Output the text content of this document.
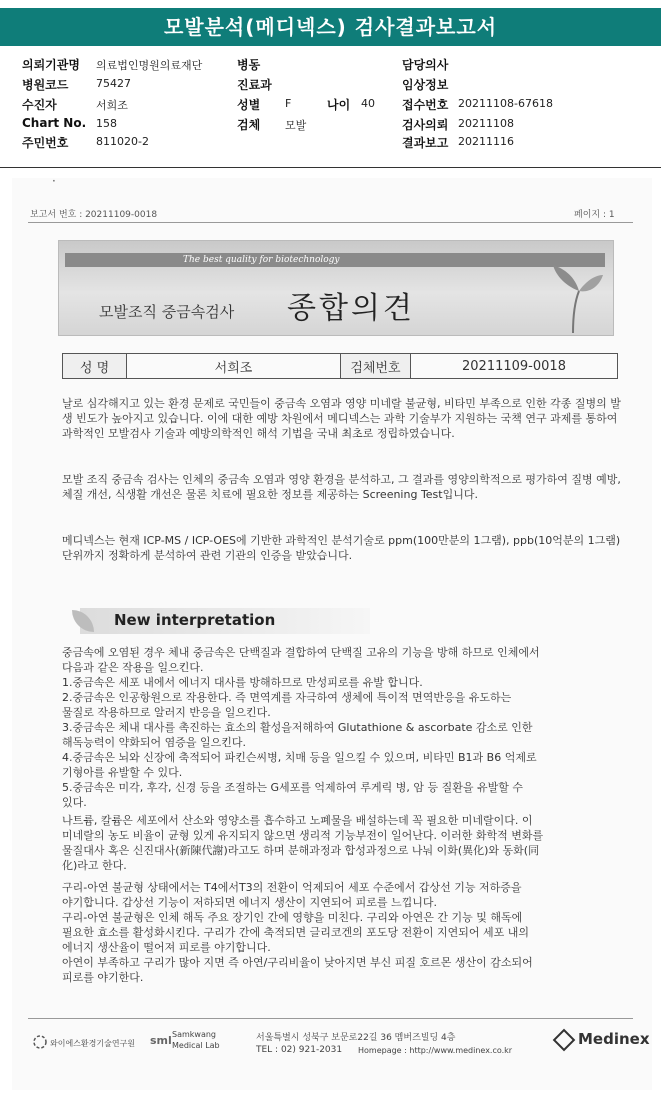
모발분석(메디넥스) 검사결과보고서
의뢰기관명 의료법인명원의료재단	병동	담당의사
병원코드	75427	진료과	임상정보
수진자	서희조	성별 F	나이 40 접수번호 20211108-67618
Chart No. 158	검체 모발	검사의뢰 20211108
주민번호	811020-2	결과보고 20211116
·
보고서 번호 : 20211109-0018	페이지 : 1
The best quality for biotechnology
모발조직 중금속검사 종합의견
성 명	서희조	검체번호	20211109-0018
날로 심각해지고 있는 환경 문제로 국민들이 중금속 오염과 영양 미네랄 불균형, 비타민 부족으로 인한 각종 질병의 발생 빈도가 높아지고 있습니다. 이에 대한 예방 차원에서 메디넥스는 과학 기술부가 지원하는 국책 연구 과제를 통하여 과학적인 모발검사 기술과 예방의학적인 해석 기법을 국내 최초로 정립하였습니다.
모발 조직 중금속 검사는 인체의 중금속 오염과 영양 환경을 분석하고, 그 결과를 영양의학적으로 평가하여 질병 예방, 체질 개선, 식생활 개선은 물론 치료에 필요한 정보를 제공하는 Screening Test입니다.
메디넥스는 현재 ICP-MS / ICP-OES에 기반한 과학적인 분석기술로 ppm(100만분의 1그램), ppb(10억분의 1그램) 단위까지 정확하게 분석하여 관련 기관의 인증을 받았습니다.
New interpretation
중금속에 오염된 경우 체내 중금속은 단백질과 결합하여 단백질 고유의 기능을 방해 하므로 인체에서
다음과 같은 작용을 일으킨다.
1.중금속은 세포 내에서 에너지 대사를 방해하므로 만성피로를 유발 합니다.
2.중금속은 인공항원으로 작용한다. 즉 면역계를 자극하여 생체에 특이적 면역반응을 유도하는
물질로 작용하므로 알러지 반응을 일으킨다.
3.중금속은 체내 대사를 촉진하는 효소의 활성을저해하여 Glutathione & ascorbate 감소로 인한
해독능력이 약화되어 염증을 일으킨다.
4.중금속은 뇌와 신장에 축적되어 파킨슨씨병, 치매 등을 일으킬 수 있으며, 비타민 B1과 B6 억제로
기형아를 유발할 수 있다.
5.중금속은 미각, 후각, 신경 등을 조절하는 G세포를 억제하여 루게릭 병, 암 등 질환을 유발할 수
있다.
나트륨, 칼륨은 세포에서 산소와 영양소를 흡수하고 노폐물을 배설하는데 꼭 필요한 미네랄이다. 이
미네랄의 농도 비율이 균형 있게 유지되지 않으면 생리적 기능부전이 일어난다. 이러한 화학적 변화를
물질대사 혹은 신진대사(新陳代謝)라고도 하며 분해과정과 합성과정으로 나눠 이화(異化)와 동화(同
化)라고 한다.
구리-아연 불균형 상태에서는 T4에서T3의 전환이 억제되어 세포 수준에서 갑상선 기능 저하증을
야기합니다. 갑상선 기능이 저하되면 에너지 생산이 지연되어 피로를 느낍니다.
구리-아연 불균형은 인체 해독 주요 장기인 간에 영향을 미친다. 구리와 아연은 간 기능 및 해독에
필요한 효소를 활성화시킨다. 구리가 간에 축적되면 글리코겐의 포도당 전환이 지연되어 세포 내의
에너지 생산율이 떨어져 피로를 야기합니다.
아연이 부족하고 구리가 많아 지면 즉 아연/구리비율이 낮아지면 부신 피질 호르몬 생산이 감소되어
피로를 야기한다.
와이에스환경기술연구원 sml Samkwang
Medical Lab
서울특별시 성북구 보문로22길 36 멤버즈빌딩 4층
TEL : 02) 921-2031 Homepage : http://www.medinex.co.kr
Medinex
